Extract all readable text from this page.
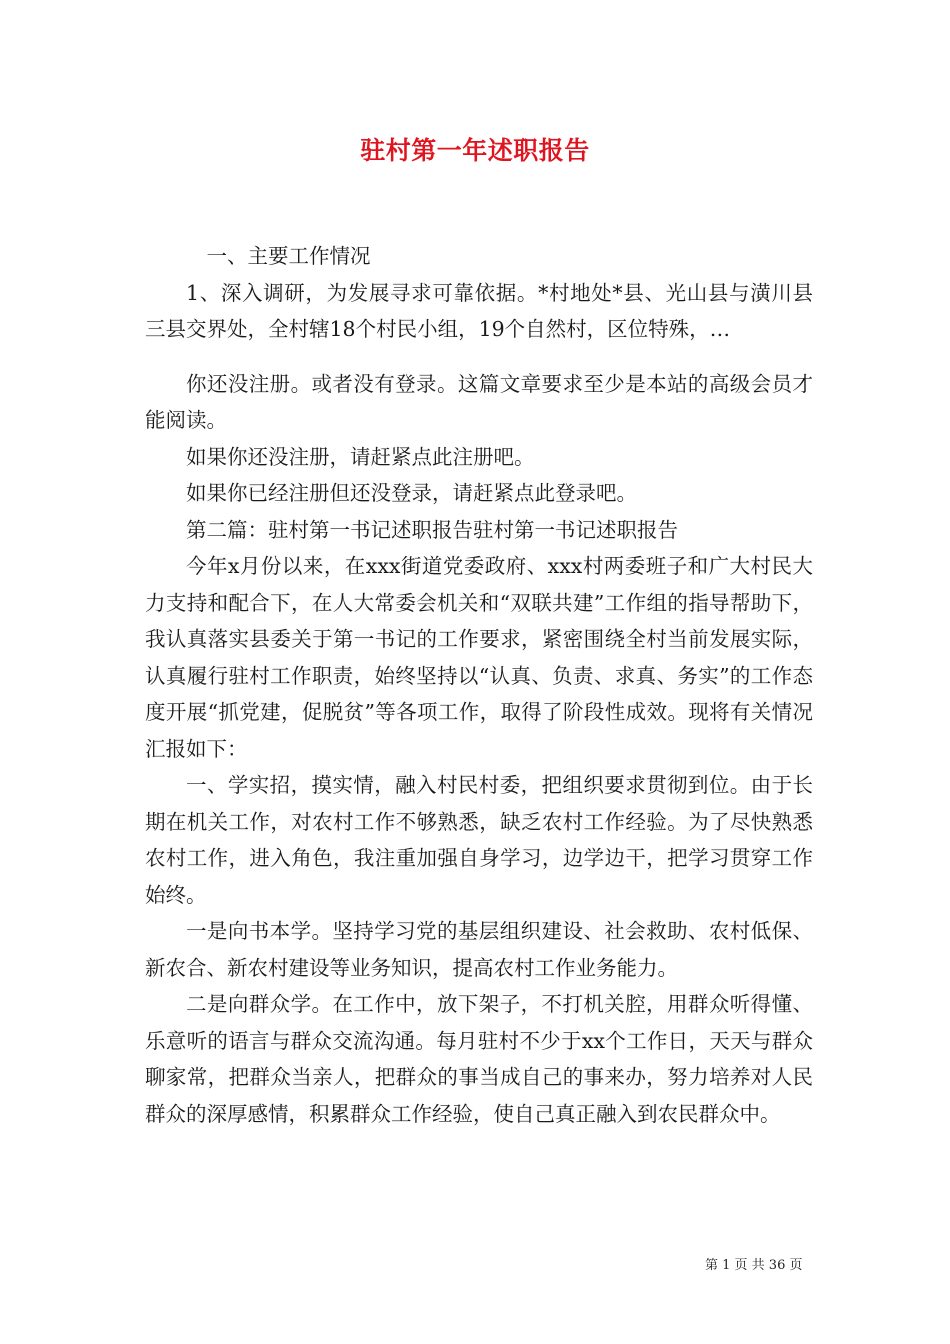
驻村第一年述职报告

一、主要工作情况

1、深入调研，为发展寻求可靠依据。*村地处*县、光山县与潢川县三县交界处，全村辖18个村民小组，19个自然村，区位特殊，…

你还没注册。或者没有登录。这篇文章要求至少是本站的高级会员才能阅读。

如果你还没注册，请赶紧点此注册吧。

如果你已经注册但还没登录，请赶紧点此登录吧。

第二篇：驻村第一书记述职报告驻村第一书记述职报告

今年x月份以来，在xxx街道党委政府、xxx村两委班子和广大村民大力支持和配合下，在人大常委会机关和“双联共建”工作组的指导帮助下，我认真落实县委关于第一书记的工作要求，紧密围绕全村当前发展实际，认真履行驻村工作职责，始终坚持以“认真、负责、求真、务实”的工作态度开展“抓党建，促脱贫”等各项工作，取得了阶段性成效。现将有关情况汇报如下：

一、学实招，摸实情，融入村民村委，把组织要求贯彻到位。由于长期在机关工作，对农村工作不够熟悉，缺乏农村工作经验。为了尽快熟悉农村工作，进入角色，我注重加强自身学习，边学边干，把学习贯穿工作始终。

一是向书本学。坚持学习党的基层组织建设、社会救助、农村低保、新农合、新农村建设等业务知识，提高农村工作业务能力。

二是向群众学。在工作中，放下架子，不打机关腔，用群众听得懂、乐意听的语言与群众交流沟通。每月驻村不少于xx个工作日，天天与群众聊家常，把群众当亲人，把群众的事当成自己的事来办，努力培养对人民群众的深厚感情，积累群众工作经验，使自己真正融入到农民群众中。

第 1 页 共 36 页
